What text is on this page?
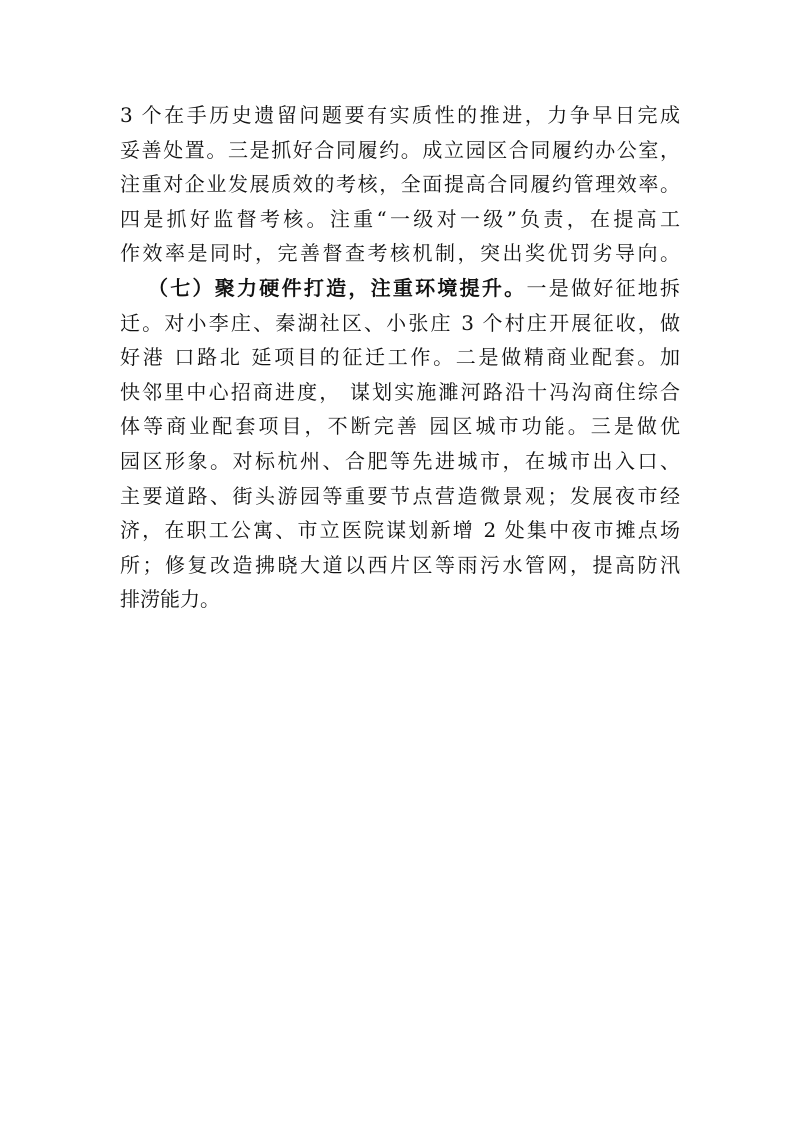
3 个在手历史遗留问题要有实质性的推进，力争早日完成
妥善处置。三是抓好合同履约。成立园区合同履约办公室，
注重对企业发展质效的考核，全面提高合同履约管理效率。
四是抓好监督考核。注重“一级对一级”负责，在提高工
作效率是同时，完善督查考核机制，突出奖优罚劣导向。
（七）聚力硬件打造，注重环境提升。一是做好征地拆
迁。对小李庄、秦湖社区、小张庄 3 个村庄开展征收，做
好港 口路北 延项目的征迁工作。二是做精商业配套。加
快邻里中心招商进度， 谋划实施濉河路沿十冯沟商住综合
体等商业配套项目，不断完善 园区城市功能。三是做优
园区形象。对标杭州、合肥等先进城市，在城市出入口、
主要道路、街头游园等重要节点营造微景观；发展夜市经
济，在职工公寓、市立医院谋划新增 2 处集中夜市摊点场
所；修复改造拂晓大道以西片区等雨污水管网，提高防汛
排涝能力。
